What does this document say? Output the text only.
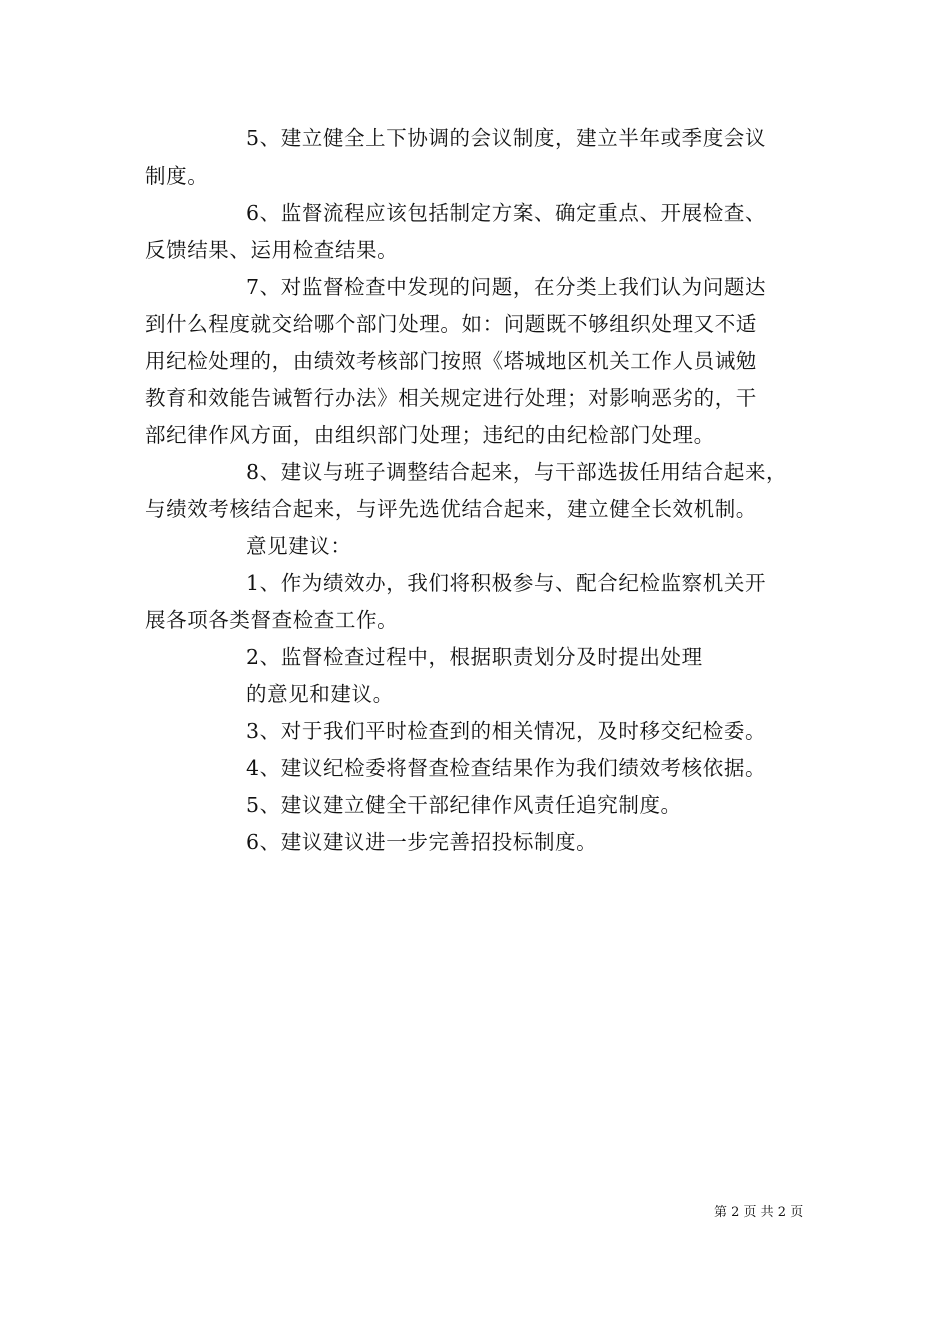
5、建立健全上下协调的会议制度，建立半年或季度会议
制度。
6、监督流程应该包括制定方案、确定重点、开展检查、
反馈结果、运用检查结果。
7、对监督检查中发现的问题，在分类上我们认为问题达
到什么程度就交给哪个部门处理。如：问题既不够组织处理又不适
用纪检处理的，由绩效考核部门按照《塔城地区机关工作人员诫勉
教育和效能告诫暂行办法》相关规定进行处理；对影响恶劣的，干
部纪律作风方面，由组织部门处理；违纪的由纪检部门处理。
8、建议与班子调整结合起来，与干部选拔任用结合起来，
与绩效考核结合起来，与评先选优结合起来，建立健全长效机制。
意见建议：
1、作为绩效办，我们将积极参与、配合纪检监察机关开
展各项各类督查检查工作。
2、监督检查过程中，根据职责划分及时提出处理
的意见和建议。
3、对于我们平时检查到的相关情况，及时移交纪检委。
4、建议纪检委将督查检查结果作为我们绩效考核依据。
5、建议建立健全干部纪律作风责任追究制度。
6、建议建议进一步完善招投标制度。
第 2 页 共 2 页
